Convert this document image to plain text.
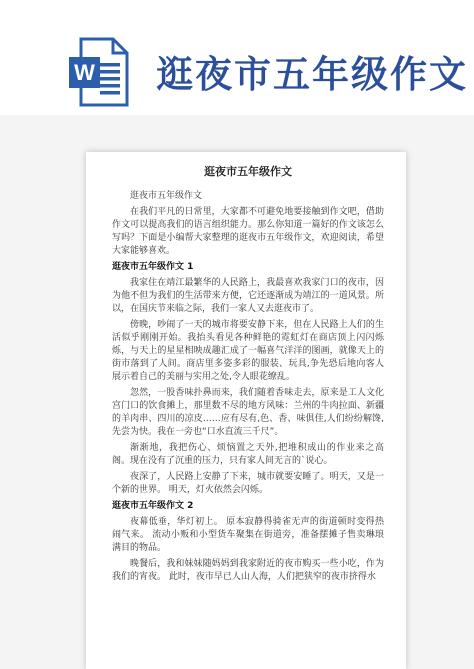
W 逛夜市五年级作文
逛夜市五年级作文
逛夜市五年级作文

在我们平凡的日常里，大家都不可避免地要接触到作文吧，借助作文可以提高我们的语言组织能力。那么你知道一篇好的作文该怎么写吗？下面是小编帮大家整理的逛夜市五年级作文，欢迎阅读，希望大家能够喜欢。

逛夜市五年级作文 1

我家住在靖江最繁华的人民路上，我最喜欢我家门口的夜市，因为他不但为我们的生活带来方便，它还逐渐成为靖江的一道风景。所以，在国庆节来临之际，我们一家人又去逛夜市了。

傍晚，吵闹了一天的城市将要安静下来，但在人民路上人们的生活似乎刚刚开始。我抬头看见各种鲜艳的霓虹灯在商店顶上闪闪烁烁，与天上的星星相映成趣汇成了一幅喜气洋洋的图画，就像天上的街市落到了人间。商店里多姿多彩的服装、玩具,争先恐后地向客人展示着自己的美丽与实用之处,令人眼花缭乱。

忽然，一股香味扑鼻而来，我们随着香味走去，原来是工人文化宫门口的饮食摊上，那里数不尽的地方风味：兰州的牛肉拉面、新疆的羊肉串、四川的凉皮……应有尽有,色、香、味俱佳,人们纷纷解馋,先尝为快。我在一旁也“口水直流三千尺”。

渐渐地，我把伤心、烦恼置之天外,把堆积成山的作业来之高阁。现在没有了沉重的压力，只有家人间无言的`说心。

夜深了，人民路上安静了下来，城市就要安睡了。明天，又是一个新的世界。 明天，灯火依然会闪烁。

逛夜市五年级作文 2

夜幕低垂，华灯初上。 原本寂静得骑雀无声的街道顿时变得热闹气来。 流动小贩和小型货车聚集在街道旁，准备摆摊子售卖琳琅满目的物品。

晚餐后，我和妹妹随妈妈到我家附近的夜市购买一些小吃，作为我们的宵夜。 此时，夜市早已人山人海，人们把狭窄的夜市挤得水
